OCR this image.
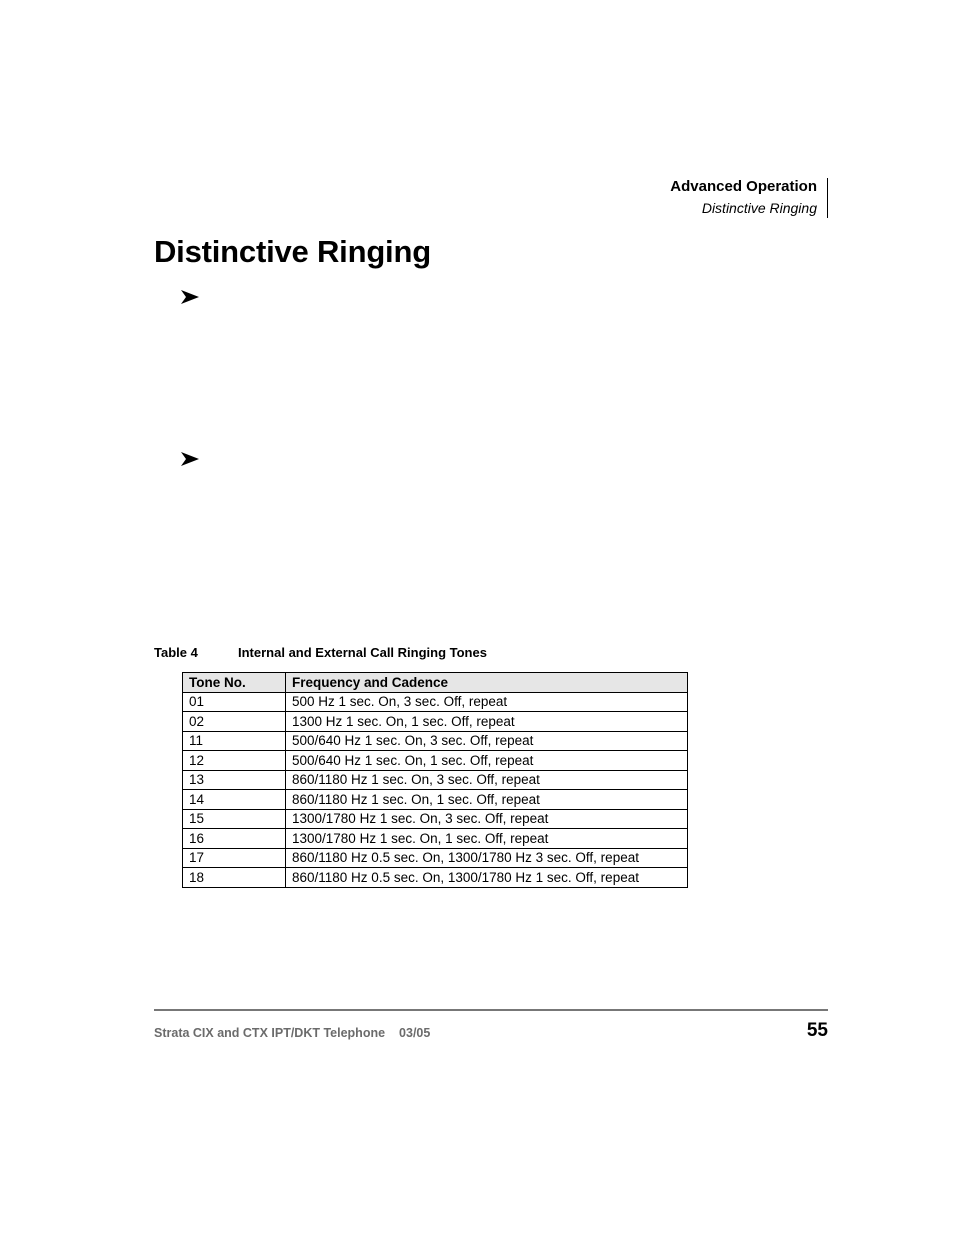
Advanced Operation
Distinctive Ringing
Distinctive Ringing
Table 4	Internal and External Call Ringing Tones
Tone No.	Frequency and Cadence
01	500 Hz 1 sec. On, 3 sec. Off, repeat
02	1300 Hz 1 sec. On, 1 sec. Off, repeat
11	500/640 Hz 1 sec. On, 3 sec. Off, repeat
12	500/640 Hz 1 sec. On, 1 sec. Off, repeat
13	860/1180 Hz 1 sec. On, 3 sec. Off, repeat
14	860/1180 Hz 1 sec. On, 1 sec. Off, repeat
15	1300/1780 Hz 1 sec. On, 3 sec. Off, repeat
16	1300/1780 Hz 1 sec. On, 1 sec. Off, repeat
17	860/1180 Hz 0.5 sec. On, 1300/1780 Hz 3 sec. Off, repeat
18	860/1180 Hz 0.5 sec. On, 1300/1780 Hz 1 sec. Off, repeat
Strata CIX and CTX IPT/DKT Telephone 03/05	55
